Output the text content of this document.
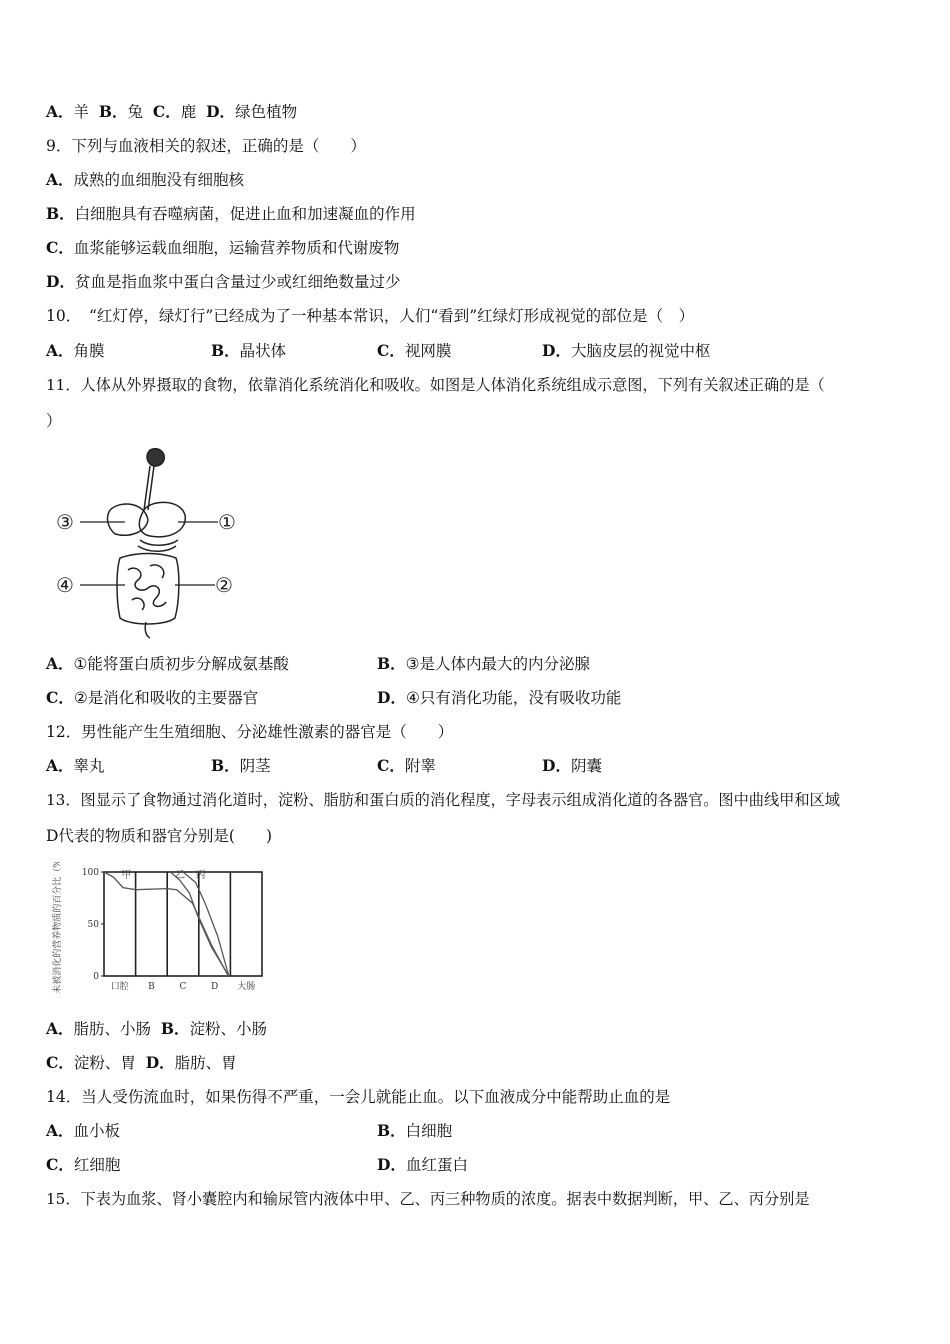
A．羊 B．兔 C．鹿 D．绿色植物
9．下列与血液相关的叙述，正确的是（　　）
A．成熟的血细胞没有细胞核
B．白细胞具有吞噬病菌，促进止血和加速凝血的作用
C．血浆能够运载血细胞，运输营养物质和代谢废物
D．贫血是指血浆中蛋白含量过少或红细绝数量过少
10．　“红灯停，绿灯行”已经成为了一种基本常识，人们“看到”红绿灯形成视觉的部位是（　）
A．角膜	B．晶状体	C．视网膜	D．大脑皮层的视觉中枢
11．人体从外界摄取的食物，依靠消化系统消化和吸收。如图是人体消化系统组成示意图，下列有关叙述正确的是（
）
③	①
④	②
A．①能将蛋白质初步分解成氨基酸	B．③是人体内最大的内分泌腺
C．②是消化和吸收的主要器官	D．④只有消化功能，没有吸收功能
12．男性能产生生殖细胞、分泌雄性激素的器官是（　　）
A．睾丸	B．阴茎	C．附睾	D．阴囊
13．图显示了食物通过消化道时，淀粉、脂肪和蛋白质的消化程度，字母表示组成消化道的各器官。图中曲线甲和区域
D代表的物质和器官分别是(　　)
未被消化的营养物质的百分比（%）	0
50
100
口腔 B	C	D 大肠
甲	乙 丙
A．脂肪、小肠 B．淀粉、小肠
C．淀粉、胃 D．脂肪、胃
14．当人受伤流血时，如果伤得不严重，一会儿就能止血。以下血液成分中能帮助止血的是
A．血小板	B．白细胞
C．红细胞	D．血红蛋白
15．下表为血浆、肾小囊腔内和输尿管内液体中甲、乙、丙三种物质的浓度。据表中数据判断，甲、乙、丙分别是
